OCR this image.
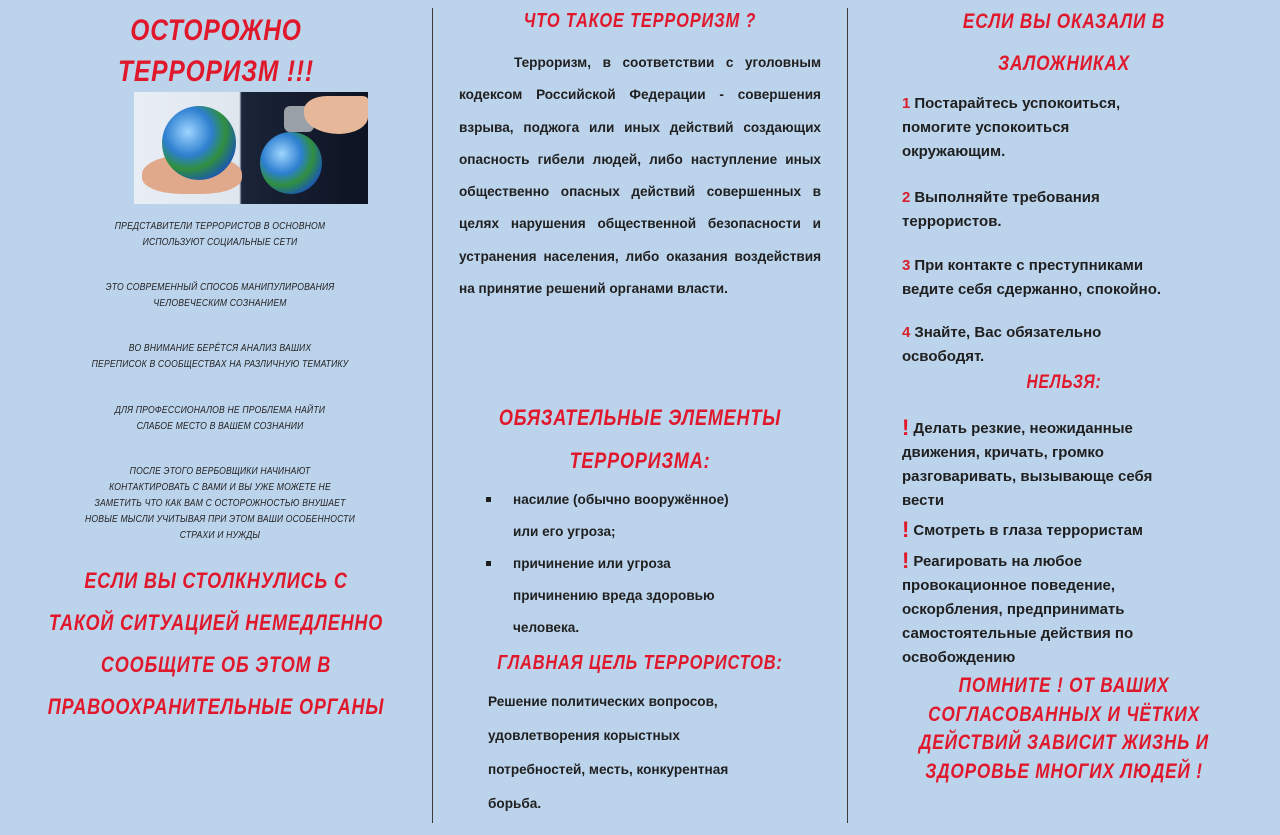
ОСТОРОЖНО
ТЕРРОРИЗМ !!!
ПРЕДСТАВИТЕЛИ ТЕРРОРИСТОВ В ОСНОВНОМ
ИСПОЛЬЗУЮТ СОЦИАЛЬНЫЕ СЕТИ
ЭТО СОВРЕМЕННЫЙ СПОСОБ МАНИПУЛИРОВАНИЯ
ЧЕЛОВЕЧЕСКИМ СОЗНАНИЕМ
ВО ВНИМАНИЕ БЕРЁТСЯ АНАЛИЗ ВАШИХ
ПЕРЕПИСОК В СООБЩЕСТВАХ НА РАЗЛИЧНУЮ ТЕМАТИКУ
ДЛЯ ПРОФЕССИОНАЛОВ НЕ ПРОБЛЕМА НАЙТИ
СЛАБОЕ МЕСТО В ВАШЕМ СОЗНАНИИ
ПОСЛЕ ЭТОГО ВЕРБОВЩИКИ НАЧИНАЮТ
КОНТАКТИРОВАТЬ С ВАМИ И ВЫ УЖЕ МОЖЕТЕ НЕ
ЗАМЕТИТЬ ЧТО КАК ВАМ С ОСТОРОЖНОСТЬЮ ВНУШАЕТ
НОВЫЕ МЫСЛИ УЧИТЫВАЯ ПРИ ЭТОМ ВАШИ ОСОБЕННОСТИ
СТРАХИ И НУЖДЫ
ЕСЛИ ВЫ СТОЛКНУЛИСЬ С
ТАКОЙ СИТУАЦИЕЙ НЕМЕДЛЕННО
СООБЩИТЕ ОБ ЭТОМ В
ПРАВООХРАНИТЕЛЬНЫЕ ОРГАНЫ
ЧТО ТАКОЕ ТЕРРОРИЗМ ?
Терроризм, в соответствии с уголовным кодексом Российской Федерации - совершения взрыва, поджога или иных действий создающих опасность гибели людей, либо наступление иных общественно опасных действий совершенных в целях нарушения общественной безопасности и устранения населения, либо оказания воздействия на принятие решений органами власти.
ОБЯЗАТЕЛЬНЫЕ ЭЛЕМЕНТЫ
ТЕРРОРИЗМА:
насилие (обычно вооружённое)
или его угроза;
причинение или угроза
причинению вреда здоровью
человека.
ГЛАВНАЯ ЦЕЛЬ ТЕРРОРИСТОВ:
Решение политических вопросов,
удовлетворения корыстных
потребностей, месть, конкурентная
борьба.
ЕСЛИ ВЫ ОКАЗАЛИ В
ЗАЛОЖНИКАХ
1 Постарайтесь успокоиться,
помогите успокоиться
окружающим.
2 Выполняйте требования
террористов.
3 При контакте с преступниками
ведите себя сдержанно, спокойно.
4 Знайте, Вас обязательно
освободят.
НЕЛЬЗЯ:
! Делать резкие, неожиданные
движения, кричать, громко
разговаривать, вызывающе себя
вести
! Смотреть в глаза террористам
! Реагировать на любое
провокационное поведение,
оскорбления, предпринимать
самостоятельные действия по
освобождению
ПОМНИТЕ ! ОТ ВАШИХ
СОГЛАСОВАННЫХ И ЧЁТКИХ
ДЕЙСТВИЙ ЗАВИСИТ ЖИЗНЬ И
ЗДОРОВЬЕ МНОГИХ ЛЮДЕЙ !
